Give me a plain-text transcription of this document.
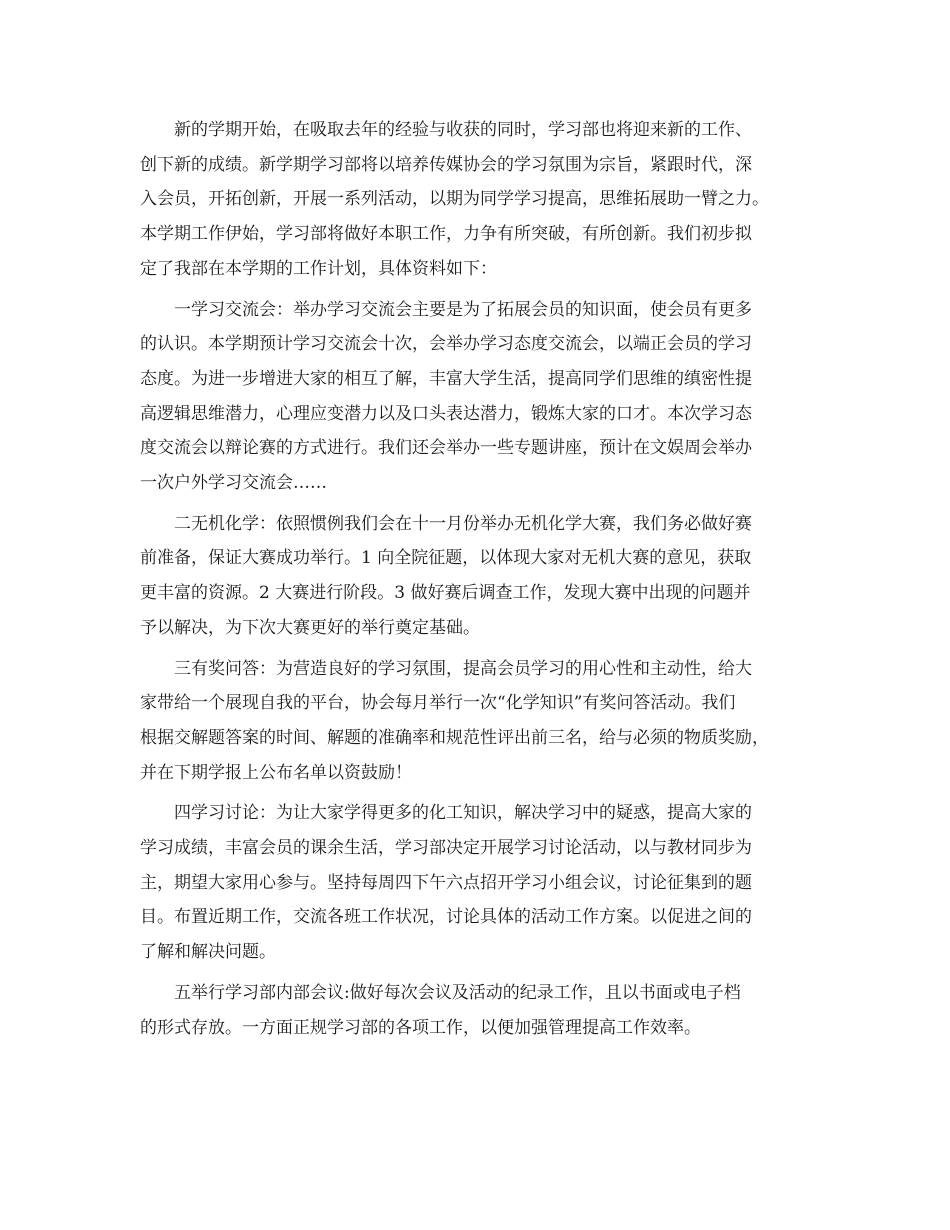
新的学期开始，在吸取去年的经验与收获的同时，学习部也将迎来新的工作、
创下新的成绩。新学期学习部将以培养传媒协会的学习氛围为宗旨，紧跟时代，深
入会员，开拓创新，开展一系列活动，以期为同学学习提高，思维拓展助一臂之力。
本学期工作伊始，学习部将做好本职工作，力争有所突破，有所创新。我们初步拟
定了我部在本学期的工作计划，具体资料如下：

一学习交流会：举办学习交流会主要是为了拓展会员的知识面，使会员有更多
的认识。本学期预计学习交流会十次，会举办学习态度交流会，以端正会员的学习
态度。为进一步增进大家的相互了解，丰富大学生活，提高同学们思维的缜密性提
高逻辑思维潜力，心理应变潜力以及口头表达潜力，锻炼大家的口才。本次学习态
度交流会以辩论赛的方式进行。我们还会举办一些专题讲座，预计在文娱周会举办
一次户外学习交流会……

二无机化学：依照惯例我们会在十一月份举办无机化学大赛，我们务必做好赛
前准备，保证大赛成功举行。1 向全院征题，以体现大家对无机大赛的意见，获取
更丰富的资源。2 大赛进行阶段。3 做好赛后调查工作，发现大赛中出现的问题并
予以解决，为下次大赛更好的举行奠定基础。

三有奖问答：为营造良好的学习氛围，提高会员学习的用心性和主动性，给大
家带给一个展现自我的平台，协会每月举行一次“化学知识”有奖问答活动。我们
根据交解题答案的时间、解题的准确率和规范性评出前三名，给与必须的物质奖励，
并在下期学报上公布名单以资鼓励！

四学习讨论：为让大家学得更多的化工知识，解决学习中的疑惑，提高大家的
学习成绩，丰富会员的课余生活，学习部决定开展学习讨论活动，以与教材同步为
主，期望大家用心参与。坚持每周四下午六点招开学习小组会议，讨论征集到的题
目。布置近期工作，交流各班工作状况，讨论具体的活动工作方案。以促进之间的
了解和解决问题。

五举行学习部内部会议:做好每次会议及活动的纪录工作，且以书面或电子档
的形式存放。一方面正规学习部的各项工作，以便加强管理提高工作效率。
